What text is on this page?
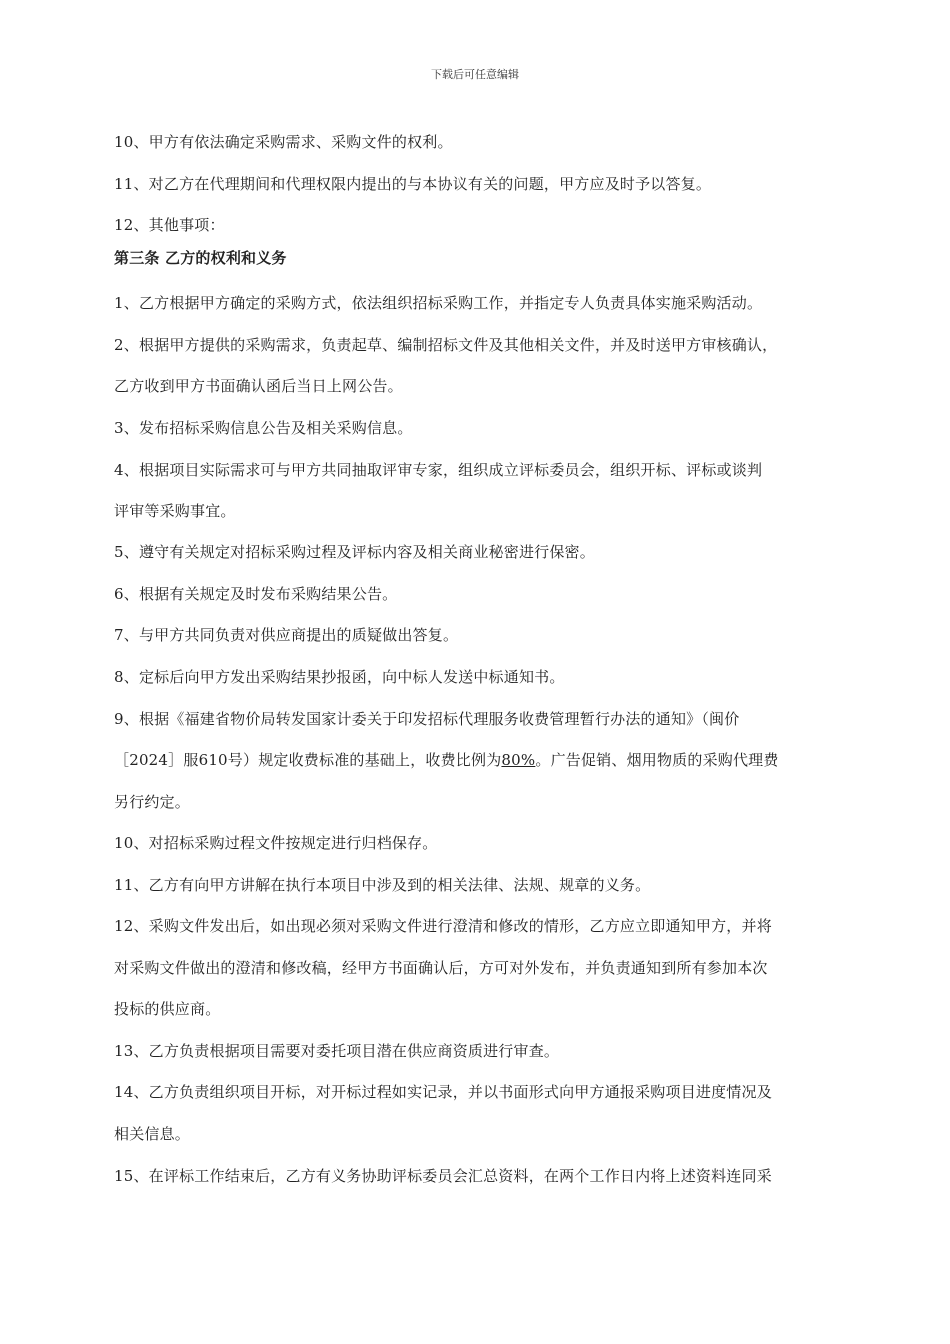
下载后可任意编辑
10、甲方有依法确定采购需求、采购文件的权利。
11、对乙方在代理期间和代理权限内提出的与本协议有关的问题，甲方应及时予以答复。
12、其他事项：
第三条 乙方的权利和义务
1、乙方根据甲方确定的采购方式，依法组织招标采购工作，并指定专人负责具体实施采购活动。
2、根据甲方提供的采购需求，负责起草、编制招标文件及其他相关文件，并及时送甲方审核确认，
乙方收到甲方书面确认函后当日上网公告。
3、发布招标采购信息公告及相关采购信息。
4、根据项目实际需求可与甲方共同抽取评审专家，组织成立评标委员会，组织开标、评标或谈判
评审等采购事宜。
5、遵守有关规定对招标采购过程及评标内容及相关商业秘密进行保密。
6、根据有关规定及时发布采购结果公告。
7、与甲方共同负责对供应商提出的质疑做出答复。
8、定标后向甲方发出采购结果抄报函，向中标人发送中标通知书。
9、根据《福建省物价局转发国家计委关于印发招标代理服务收费管理暂行办法的通知》（闽价
［2024］服610号）规定收费标准的基础上，收费比例为80%。广告促销、烟用物质的采购代理费
另行约定。
10、对招标采购过程文件按规定进行归档保存。
11、乙方有向甲方讲解在执行本项目中涉及到的相关法律、法规、规章的义务。
12、采购文件发出后，如出现必须对采购文件进行澄清和修改的情形，乙方应立即通知甲方，并将
对采购文件做出的澄清和修改稿，经甲方书面确认后，方可对外发布，并负责通知到所有参加本次
投标的供应商。
13、乙方负责根据项目需要对委托项目潜在供应商资质进行审查。
14、乙方负责组织项目开标，对开标过程如实记录，并以书面形式向甲方通报采购项目进度情况及
相关信息。
15、在评标工作结束后，乙方有义务协助评标委员会汇总资料，在两个工作日内将上述资料连同采
